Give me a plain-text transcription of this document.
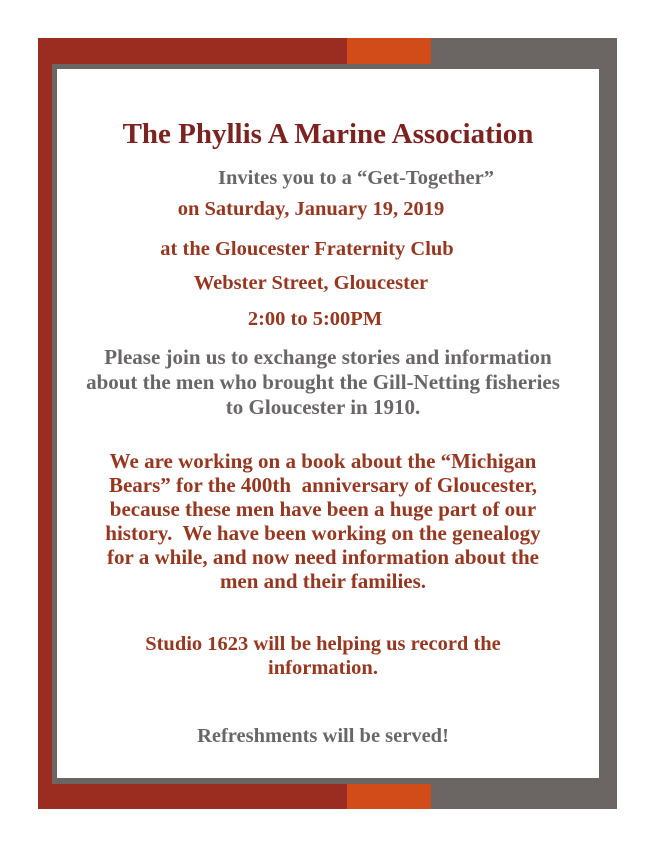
The Phyllis A Marine Association
Invites you to a “Get-Together”
on Saturday, January 19, 2019
at the Gloucester Fraternity Club
Webster Street, Gloucester
2:00 to 5:00PM
Please join us to exchange stories and information
about the men who brought the Gill-Netting fisheries
to Gloucester in 1910.
We are working on a book about the “Michigan
Bears” for the 400th  anniversary of Gloucester,
because these men have been a huge part of our
history.  We have been working on the genealogy
for a while, and now need information about the
men and their families.
Studio 1623 will be helping us record the
information.
Refreshments will be served!
